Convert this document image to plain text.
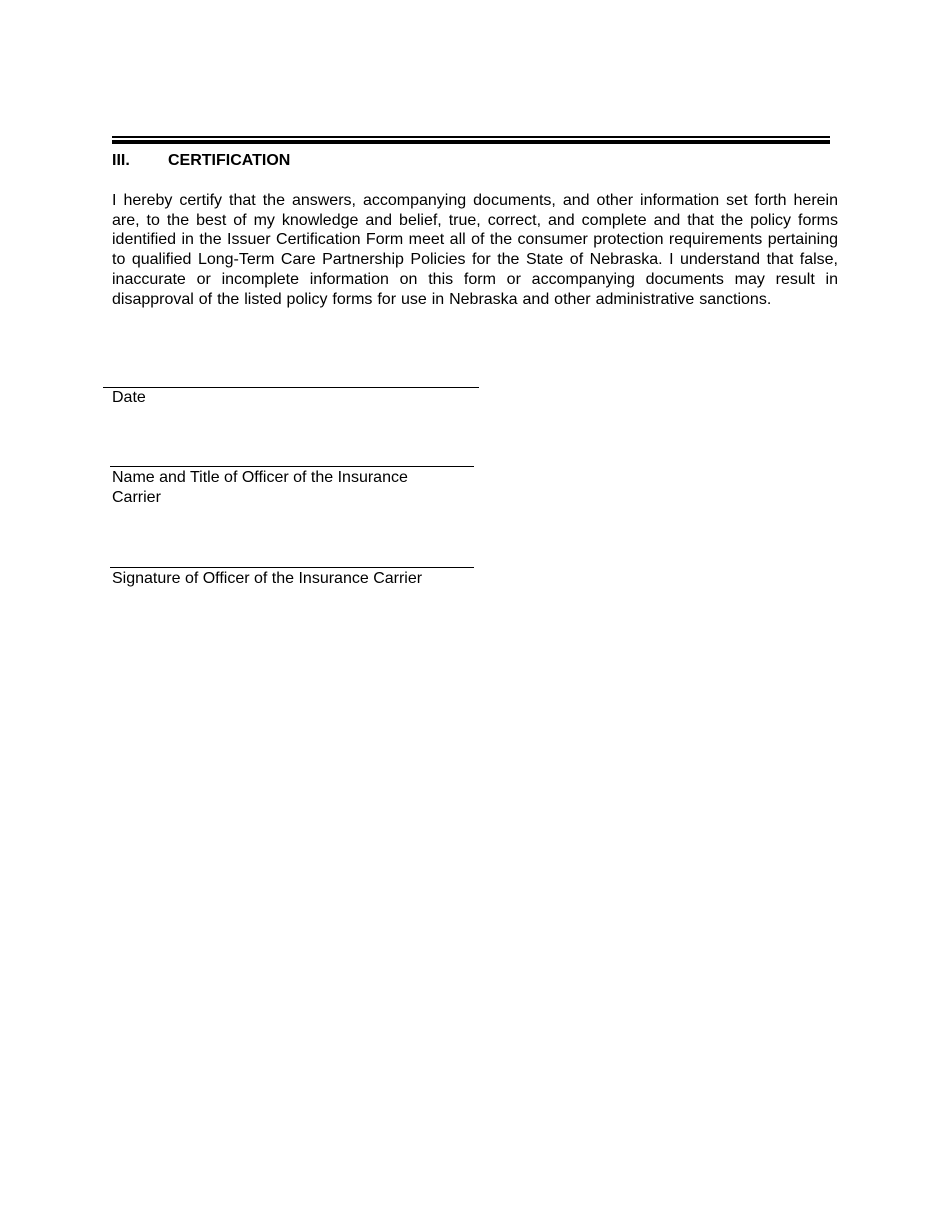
III. CERTIFICATION

I hereby certify that the answers, accompanying documents, and other information set forth herein are, to the best of my knowledge and belief, true, correct, and complete and that the policy forms identified in the Issuer Certification Form meet all of the consumer protection requirements pertaining to qualified Long-Term Care Partnership Policies for the State of Nebraska. I understand that false, inaccurate or incomplete information on this form or accompanying documents may result in disapproval of the listed policy forms for use in Nebraska and other administrative sanctions.

Date

Name and Title of Officer of the Insurance Carrier

Signature of Officer of the Insurance Carrier
